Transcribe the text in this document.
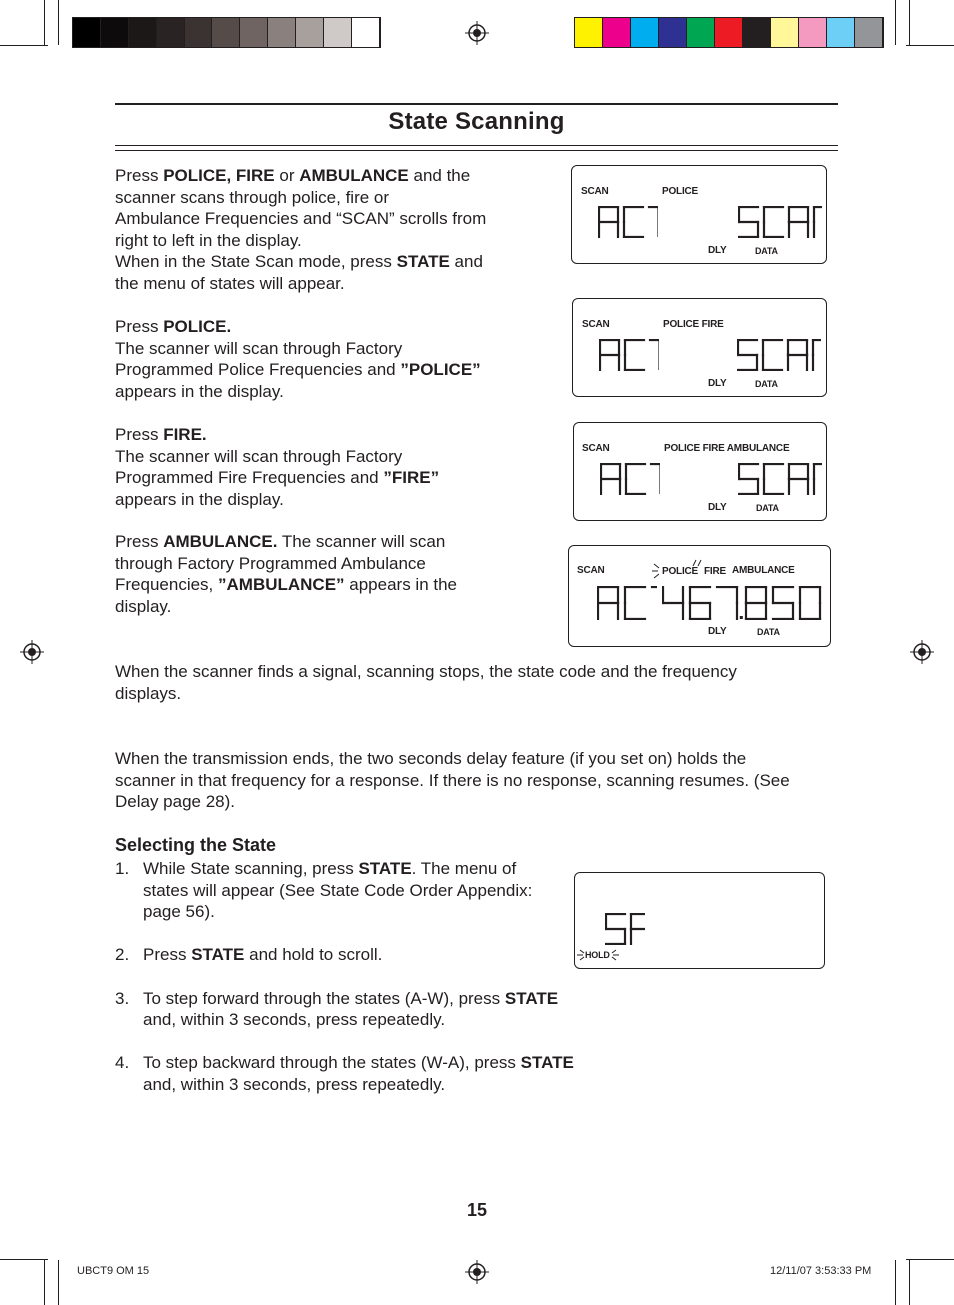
State Scanning

Press POLICE, FIRE or AMBULANCE and the

scanner scans through police, fire or

Ambulance Frequencies and “SCAN” scrolls from

right to left in the display.

When in the State Scan mode, press STATE and

the menu of states will appear.

Press POLICE.

The scanner will scan through Factory

Programmed Police Frequencies and ”POLICE”

appears in the display.

Press FIRE.

The scanner will scan through Factory

Programmed Fire Frequencies and ”FIRE”

appears in the display.

Press AMBULANCE. The scanner will scan

through Factory Programmed Ambulance

Frequencies, ”AMBULANCE” appears in the

display.

When the scanner finds a signal, scanning stops, the state code and the frequency

displays.

When the transmission ends, the two seconds delay feature (if you set on) holds the

scanner in that frequency for a response. If there is no response, scanning resumes. (See

Delay page 28).

Selecting the State
1. While State scanning, press STATE. The menu of
states will appear (See State Code Order Appendix:
page 56).
2. Press STATE and hold to scroll.
3. To step forward through the states (A-W), press STATE
and, within 3 seconds, press repeatedly.
4. To step backward through the states (W-A), press STATE
and, within 3 seconds, press repeatedly.
SCAN	POLICE
DLY	DATA
SCAN	POLICE FIRE
DLY	DATA
SCAN	POLICE FIRE AMBULANCE
DLY	DATA
SCAN	POLICE FIRE AMBULANCE
DLY	DATA
HOLD
15
UBCT9 OM 15	12/11/07 3:53:33 PM
